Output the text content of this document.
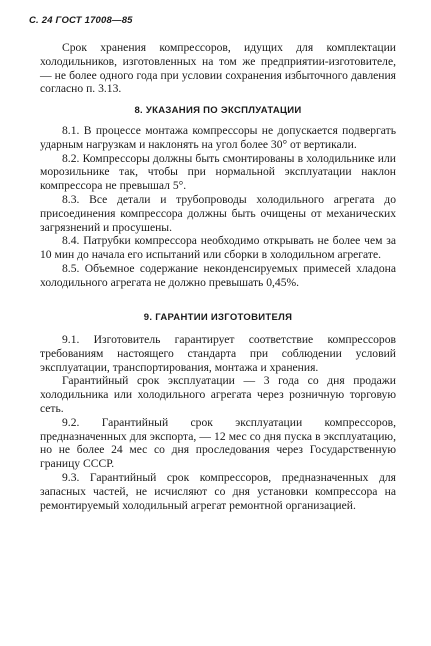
С. 24 ГОСТ 17008—85

Срок хранения компрессоров, идущих для комплектации холодильников, изготовленных на том же предприятии-изготовителе, — не более одного года при условии сохранения избыточного давления согласно п. 3.13.

8. УКАЗАНИЯ ПО ЭКСПЛУАТАЦИИ

8.1. В процессе монтажа компрессоры не допускается подвергать ударным нагрузкам и наклонять на угол более 30° от вертикали.

8.2. Компрессоры должны быть смонтированы в холодильнике или морозильнике так, чтобы при нормальной эксплуатации наклон компрессора не превышал 5°.

8.3. Все детали и трубопроводы холодильного агрегата до присоединения компрессора должны быть очищены от механических загрязнений и просушены.

8.4. Патрубки компрессора необходимо открывать не более чем за 10 мин до начала его испытаний или сборки в холодильном агрегате.

8.5. Объемное содержание неконденсируемых примесей хладона холодильного агрегата не должно превышать 0,45%.

9. ГАРАНТИИ ИЗГОТОВИТЕЛЯ

9.1. Изготовитель гарантирует соответствие компрессоров требованиям настоящего стандарта при соблюдении условий эксплуатации, транспортирования, монтажа и хранения.

Гарантийный срок эксплуатации — 3 года со дня продажи холодильника или холодильного агрегата через розничную торговую сеть.

9.2. Гарантийный срок эксплуатации компрессоров, предназначенных для экспорта, — 12 мес со дня пуска в эксплуатацию, но не более 24 мес со дня проследования через Государственную границу СССР.

9.3. Гарантийный срок компрессоров, предназначенных для запасных частей, не исчисляют со дня установки компрессора на ремонтируемый холодильный агрегат ремонтной организацией.
